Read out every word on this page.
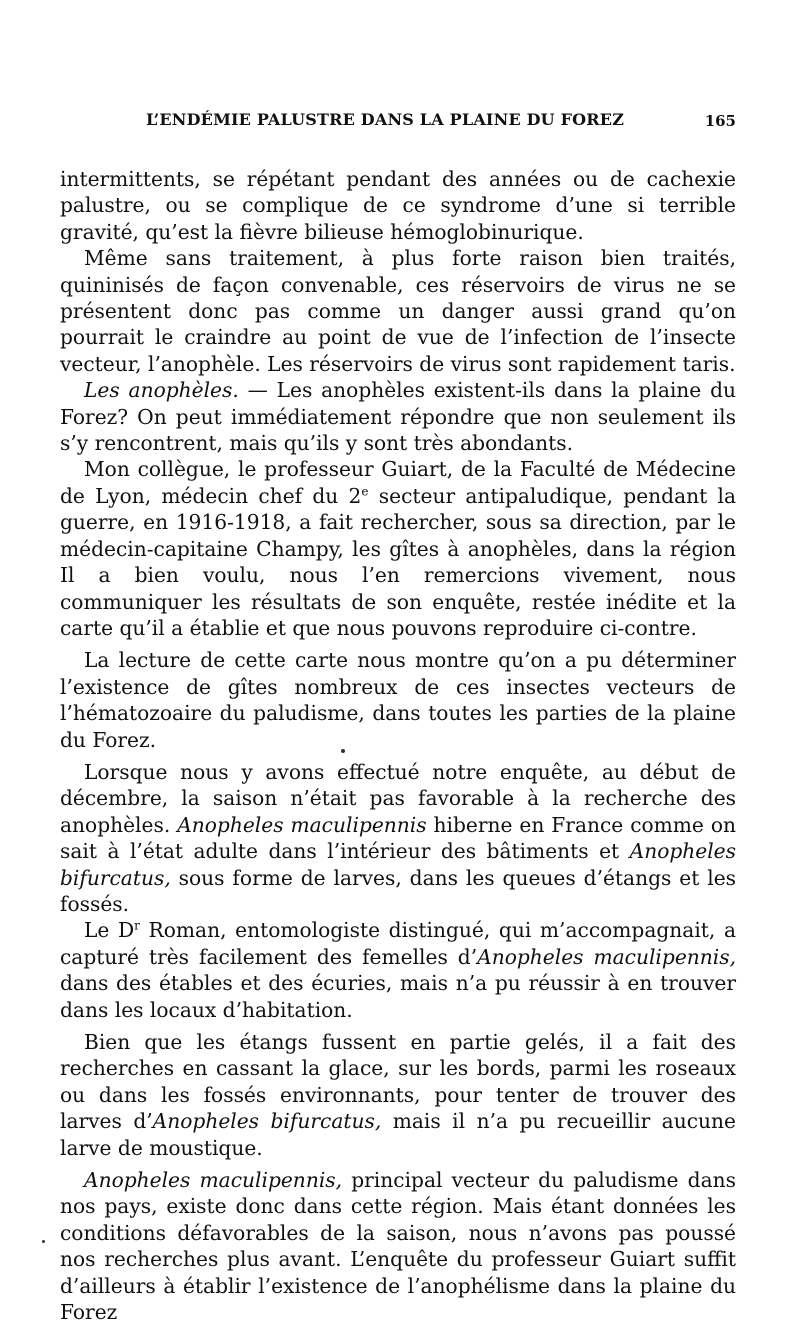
L’ENDÉMIE PALUSTRE DANS LA PLAINE DU FOREZ	165

intermittents, se répétant pendant des années ou de cachexie palustre, ou se complique de ce syndrome d’une si terrible gravité, qu’est la fièvre bilieuse hémoglobinurique.

Même sans traitement, à plus forte raison bien traités, quininisés de façon convenable, ces réservoirs de virus ne se présentent donc pas comme un danger aussi grand qu’on pourrait le craindre au point de vue de l’infection de l’insecte vecteur, l’anophèle. Les réservoirs de virus sont rapidement taris.

Les anophèles. — Les anophèles existent-ils dans la plaine du Forez? On peut immédiatement répondre que non seulement ils s’y rencontrent, mais qu’ils y sont très abondants.

Mon collègue, le professeur Guiart, de la Faculté de Médecine de Lyon, médecin chef du 2e secteur antipaludique, pendant la guerre, en 1916-1918, a fait rechercher, sous sa direction, par le médecin-capitaine Champy, les gîtes à anophèles, dans la région Il a bien voulu, nous l’en remercions vivement, nous communiquer les résultats de son enquête, restée inédite et la carte qu’il a établie et que nous pouvons reproduire ci-contre.

La lecture de cette carte nous montre qu’on a pu déterminer l’existence de gîtes nombreux de ces insectes vecteurs de l’hématozoaire du paludisme, dans toutes les parties de la plaine du Forez.

Lorsque nous y avons effectué notre enquête, au début de décembre, la saison n’était pas favorable à la recherche des anophèles. Anopheles maculipennis hiberne en France comme on sait à l’état adulte dans l’intérieur des bâtiments et Anopheles bifurcatus, sous forme de larves, dans les queues d’étangs et les fossés.

Le $D^r$ Roman, entomologiste distingué, qui m’accompagnait, a capturé très facilement des femelles d’Anopheles maculipennis, dans des étables et des écuries, mais n’a pu réussir à en trouver dans les locaux d’habitation.

Bien que les étangs fussent en partie gelés, il a fait des recherches en cassant la glace, sur les bords, parmi les roseaux ou dans les fossés environnants, pour tenter de trouver des larves d’Anopheles bifurcatus, mais il n’a pu recueillir aucune larve de moustique.

Anopheles maculipennis, principal vecteur du paludisme dans nos pays, existe donc dans cette région. Mais étant données les conditions défavorables de la saison, nous n’avons pas poussé nos recherches plus avant. L’enquête du professeur Guiart suffit d’ailleurs à établir l’existence de l’anophélisme dans la plaine du Forez
